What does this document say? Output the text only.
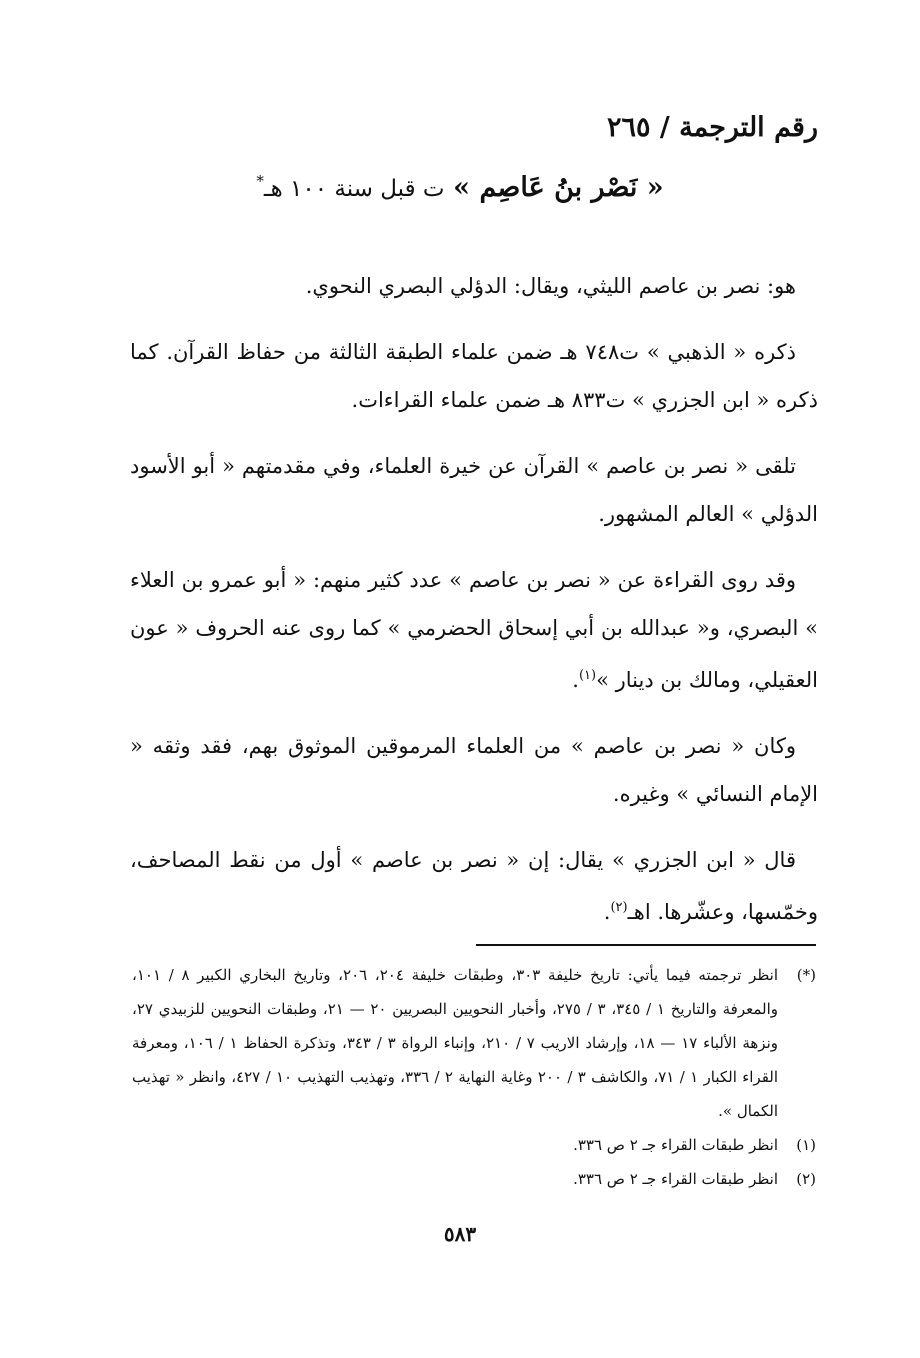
رقم الترجمة / ٢٦٥
« نَصْر بنُ عَاصِم » ت قبل سنة ١٠٠ هـ*

هو: نصر بن عاصم الليثي، ويقال: الدؤلي البصري النحوي.

ذكره « الذهبي » ت٧٤٨ هـ ضمن علماء الطبقة الثالثة من حفاظ القرآن. كما ذكره « ابن الجزري » ت٨٣٣ هـ ضمن علماء القراءات.

تلقى « نصر بن عاصم » القرآن عن خيرة العلماء، وفي مقدمتهم « أبو الأسود الدؤلي » العالم المشهور.

وقد روى القراءة عن « نصر بن عاصم » عدد كثير منهم: « أبو عمرو بن العلاء » البصري، و« عبدالله بن أبي إسحاق الحضرمي » كما روى عنه الحروف « عون العقيلي، ومالك بن دينار »$^{(١)}$.

وكان « نصر بن عاصم » من العلماء المرموقين الموثوق بهم، فقد وثقه « الإمام النسائي » وغيره.

قال « ابن الجزري » يقال: إن « نصر بن عاصم » أول من نقط المصاحف، وخمّسها، وعشّرها. اهـ$^{(٢)}$.

(*)
انظر ترجمته فيما يأتي: تاريخ خليفة ٣٠٣، وطبقات خليفة ٢٠٤، ٢٠٦، وتاريخ البخاري الكبير ٨ / ١٠١، والمعرفة والتاريخ ١ / ٣٤٥، ٣ / ٢٧٥، وأخبار النحويين البصريين ٢٠ — ٢١، وطبقات النحويين للزبيدي ٢٧، ونزهة الألباء ١٧ — ١٨، وإرشاد الاريب ٧ / ٢١٠، وإنباء الرواة ٣ / ٣٤٣، وتذكرة الحفاظ ١ / ١٠٦، ومعرفة القراء الكبار ١ / ٧١، والكاشف ٣ / ٢٠٠ وغاية النهاية ٢ / ٣٣٦، وتهذيب التهذيب ١٠ / ٤٢٧، وانظر « تهذيب الكمال ».
(١)
انظر طبقات القراء جـ ٢ ص ٣٣٦.
(٢)
انظر طبقات القراء جـ ٢ ص ٣٣٦.
٥٨٣
